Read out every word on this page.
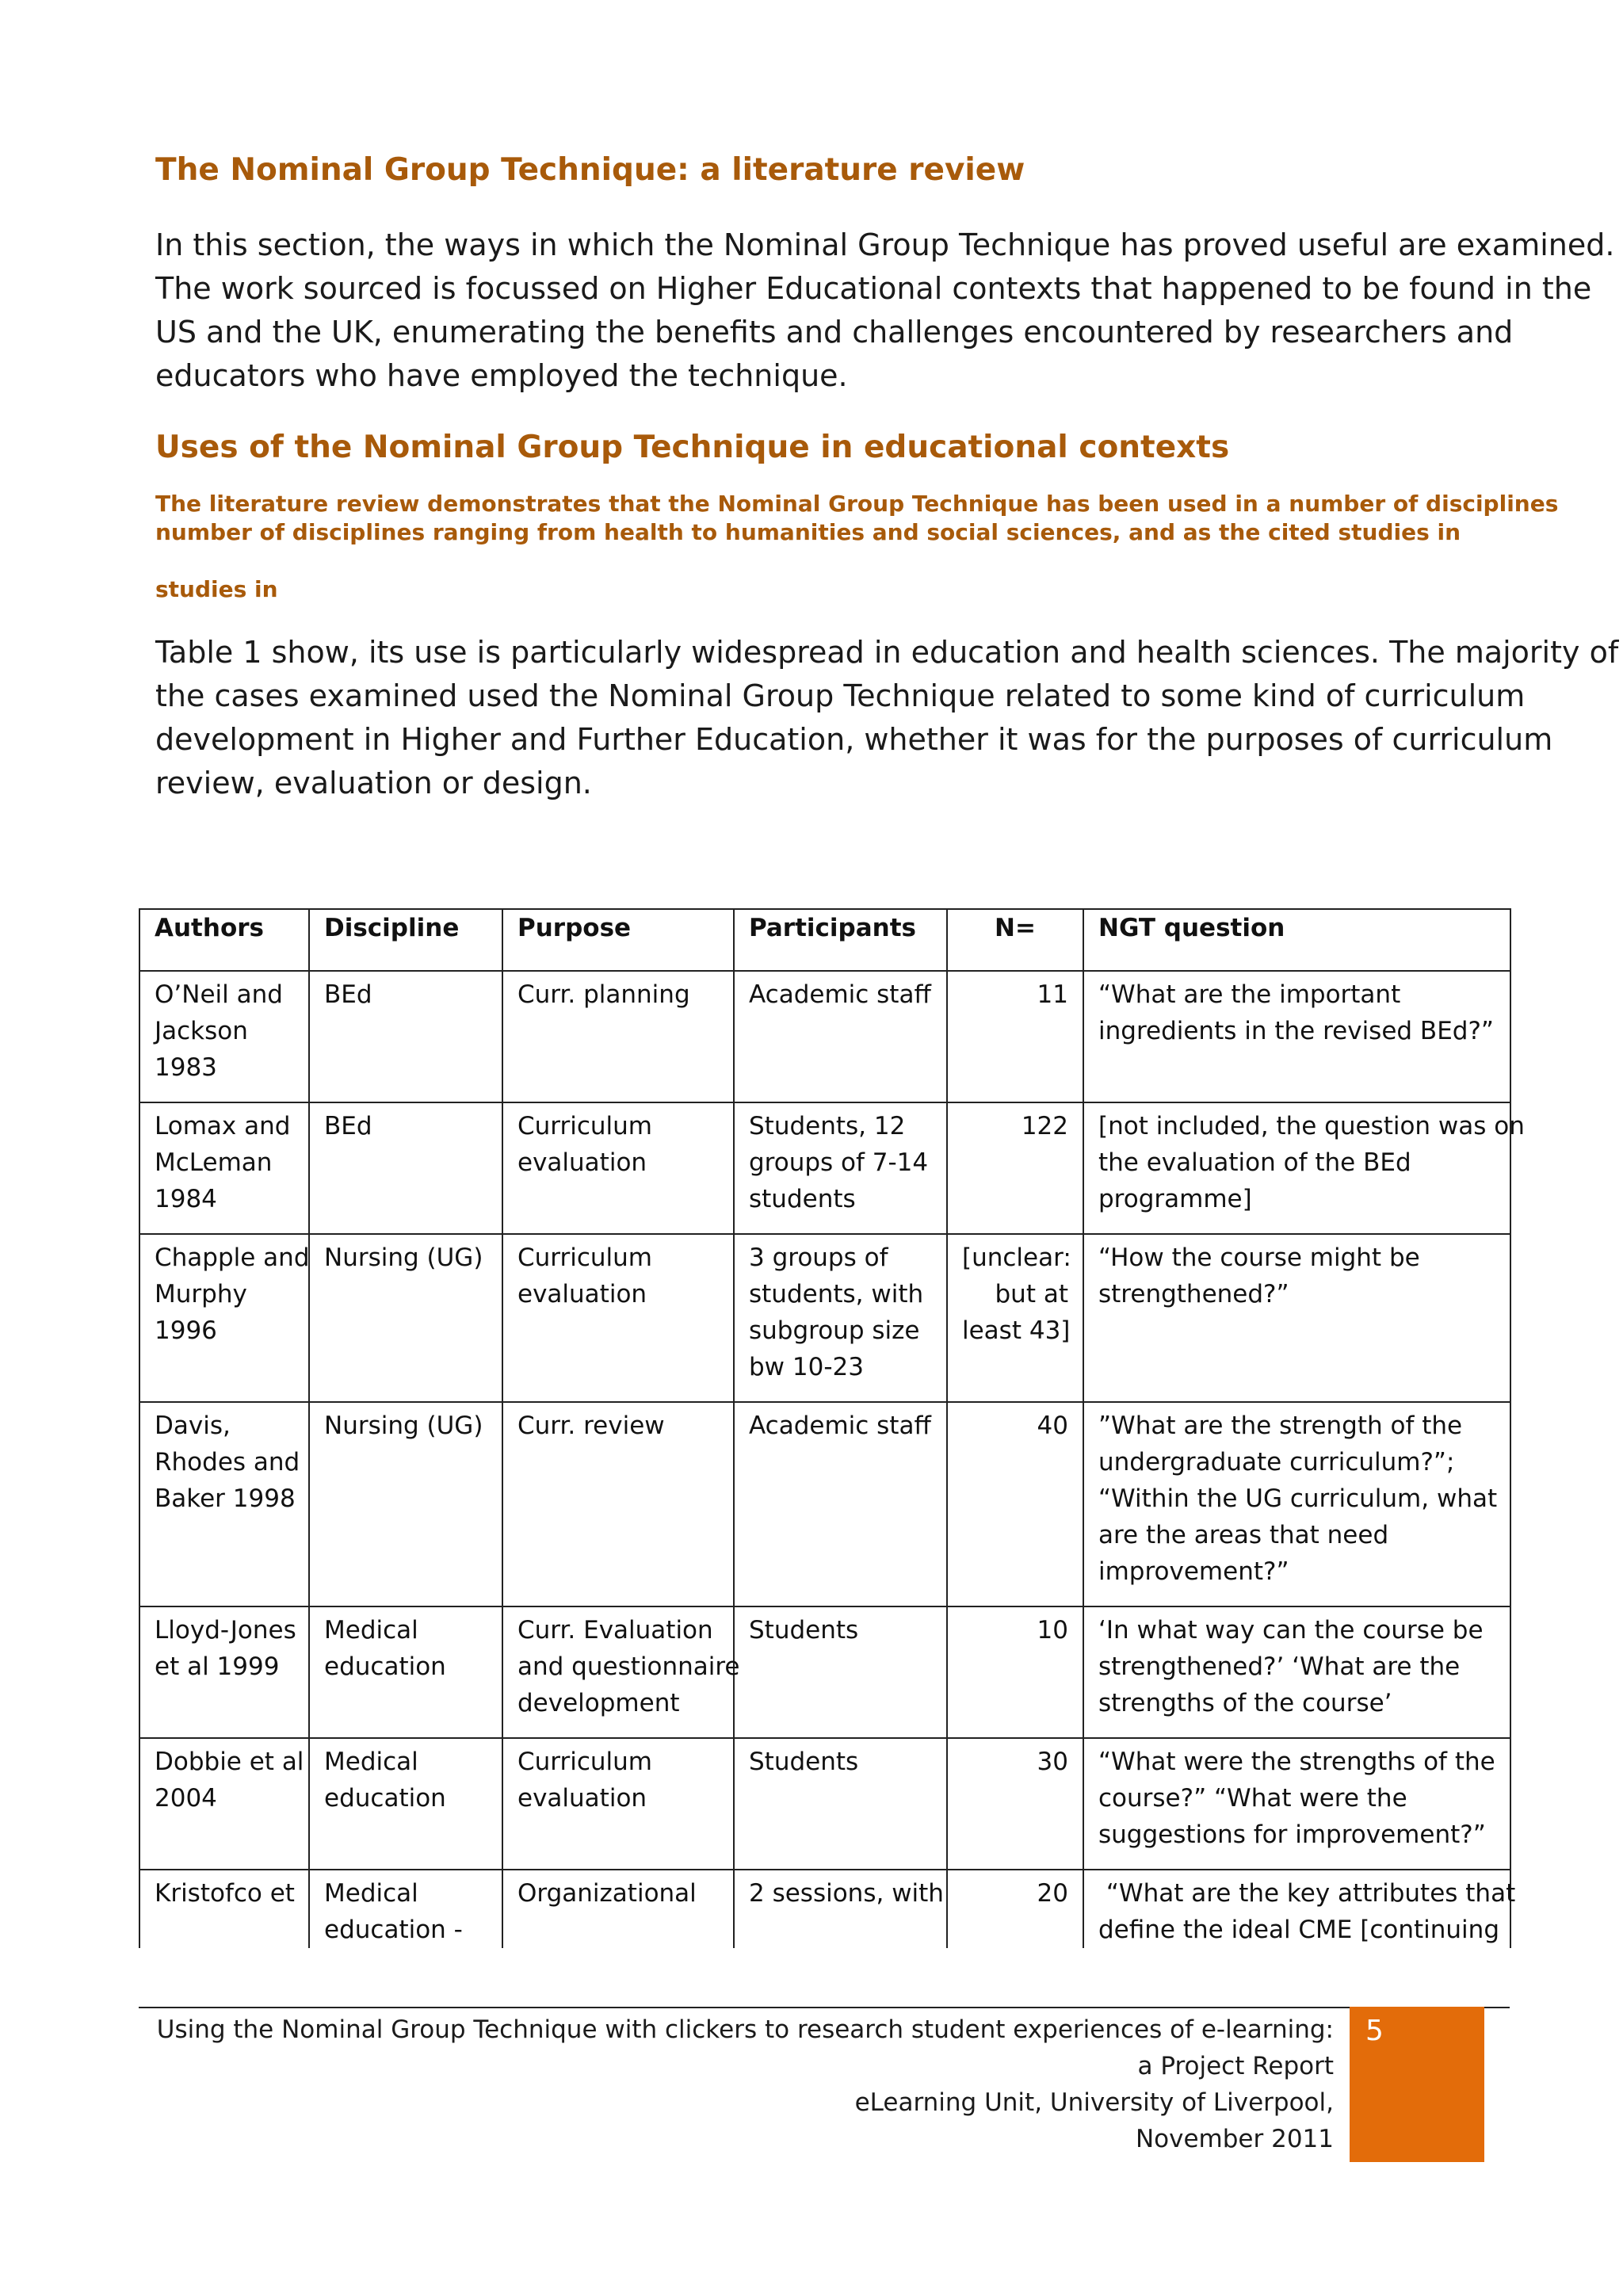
The Nominal Group Technique: a literature review

In this section, the ways in which the Nominal Group Technique has proved useful are examined.
The work sourced is focussed on Higher Educational contexts that happened to be found in the
US and the UK, enumerating the benefits and challenges encountered by researchers and
educators who have employed the technique.

Uses of the Nominal Group Technique in educational contexts
The literature review demonstrates that the Nominal Group Technique has been used in a number of disciplines
number of disciplines ranging from health to humanities and social sciences, and as the cited studies in
studies in

Table 1 show, its use is particularly widespread in education and health sciences. The majority of
the cases examined used the Nominal Group Technique related to some kind of curriculum
development in Higher and Further Education, whether it was for the purposes of curriculum
review, evaluation or design.

Authors	Discipline	Purpose	Participants	N=	NGT question

O’Neil and
Jackson
1983	BEd	Curr. planning	Academic staff	11	“What are the important
ingredients in the revised BEd?”

Lomax and
McLeman
1984	BEd	Curriculum
evaluation	Students, 12
groups of 7-14
students	122	[not included, the question was on
the evaluation of the BEd
programme]

Chapple and
Murphy
1996	Nursing (UG)	Curriculum
evaluation	3 groups of
students, with
subgroup size
bw 10-23	[unclear:
but at
least 43]	“How the course might be
strengthened?”

Davis,
Rhodes and
Baker 1998	Nursing (UG)	Curr. review	Academic staff	40	”What are the strength of the
undergraduate curriculum?”;
“Within the UG curriculum, what
are the areas that need
improvement?”

Lloyd-Jones
et al 1999	Medical
education	Curr. Evaluation
and questionnaire
development	Students	10	‘In what way can the course be
strengthened?’ ‘What are the
strengths of the course’

Dobbie et al
2004	Medical
education	Curriculum
evaluation	Students	30	“What were the strengths of the
course?” “What were the
suggestions for improvement?”

Kristofco et	Medical
education -	Organizational	2 sessions, with	20	“What are the key attributes that
define the ideal CME [continuing
Using the Nominal Group Technique with clickers to research student experiences of e-learning:
a Project Report
eLearning Unit, University of Liverpool,
November 2011
5
